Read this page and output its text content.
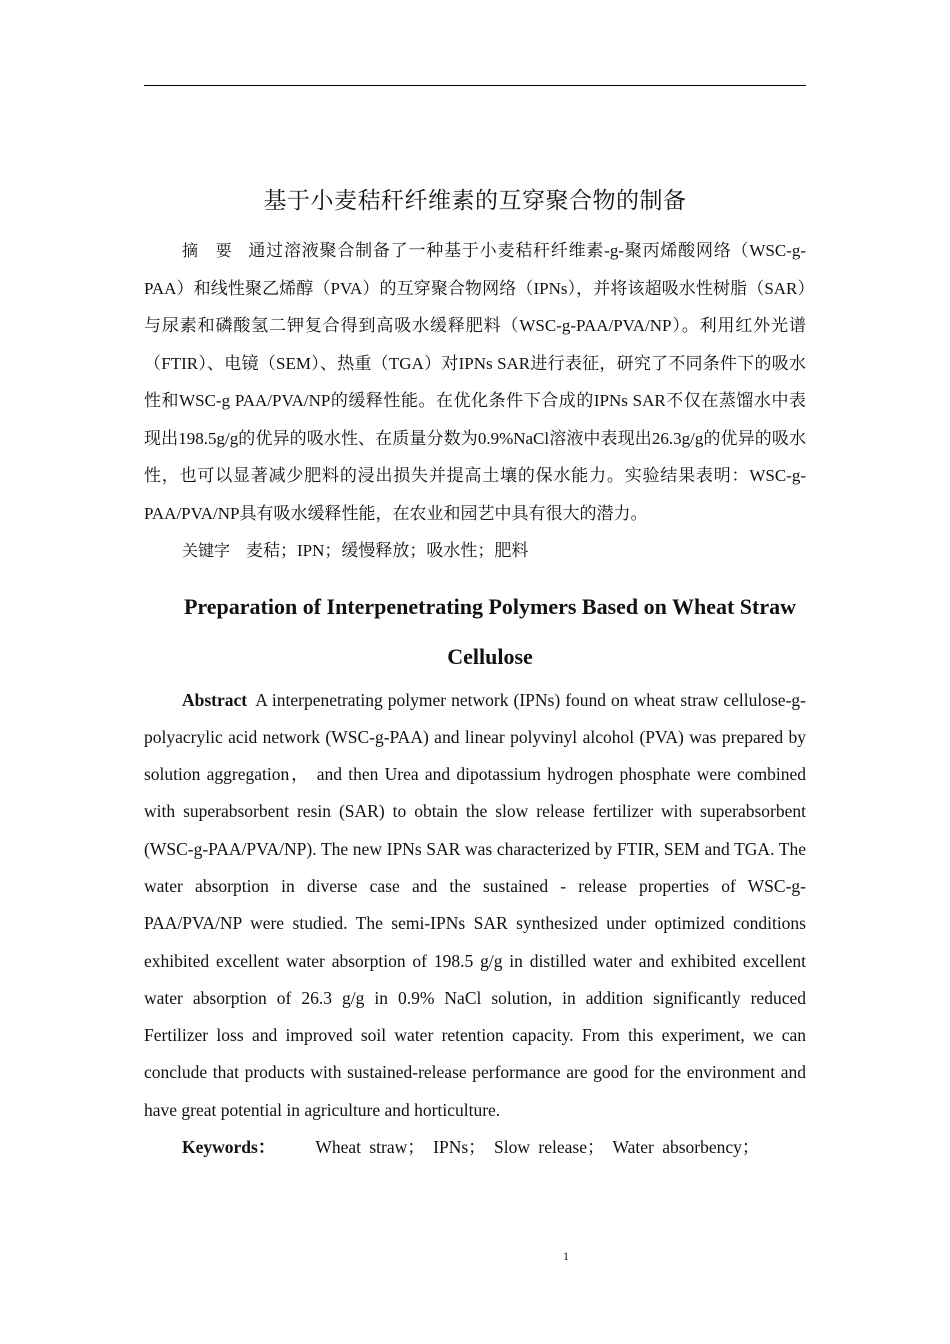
基于小麦秸秆纤维素的互穿聚合物的制备

摘　要 通过溶液聚合制备了一种基于小麦秸秆纤维素-g-聚丙烯酸网络（WSC-g-PAA）和线性聚乙烯醇（PVA）的互穿聚合物网络（IPNs），并将该超吸水性树脂（SAR）与尿素和磷酸氢二钾复合得到高吸水缓释肥料（WSC-g-PAA/PVA/NP）。利用红外光谱（FTIR）、电镜（SEM）、热重（TGA）对IPNs SAR进行表征，研究了不同条件下的吸水性和WSC-g PAA/PVA/NP的缓释性能。在优化条件下合成的IPNs SAR不仅在蒸馏水中表现出198.5g/g的优异的吸水性、在质量分数为0.9%NaCl溶液中表现出26.3g/g的优异的吸水性，也可以显著减少肥料的浸出损失并提高土壤的保水能力。实验结果表明：WSC-g-PAA/PVA/NP具有吸水缓释性能，在农业和园艺中具有很大的潜力。

关键字 麦秸；IPN；缓慢释放；吸水性；肥料

Preparation of Interpenetrating Polymers Based on Wheat Straw Cellulose

Abstract A interpenetrating polymer network (IPNs) found on wheat straw cellulose-g-polyacrylic acid network (WSC-g-PAA) and linear polyvinyl alcohol (PVA) was prepared by solution aggregation， and then Urea and dipotassium hydrogen phosphate were combined with superabsorbent resin (SAR) to obtain the slow release fertilizer with superabsorbent (WSC-g-PAA/PVA/NP). The new IPNs SAR was characterized by FTIR, SEM and TGA. The water absorption in diverse case and the sustained - release properties of WSC-g-PAA/PVA/NP were studied. The semi-IPNs SAR synthesized under optimized conditions exhibited excellent water absorption of 198.5 g/g in distilled water and exhibited excellent water absorption of 26.3 g/g in 0.9% NaCl solution, in addition significantly reduced Fertilizer loss and improved soil water retention capacity. From this experiment, we can conclude that products with sustained-release performance are good for the environment and have great potential in agriculture and horticulture.

Keywords： Wheat straw； IPNs； Slow release； Water absorbency；

1
